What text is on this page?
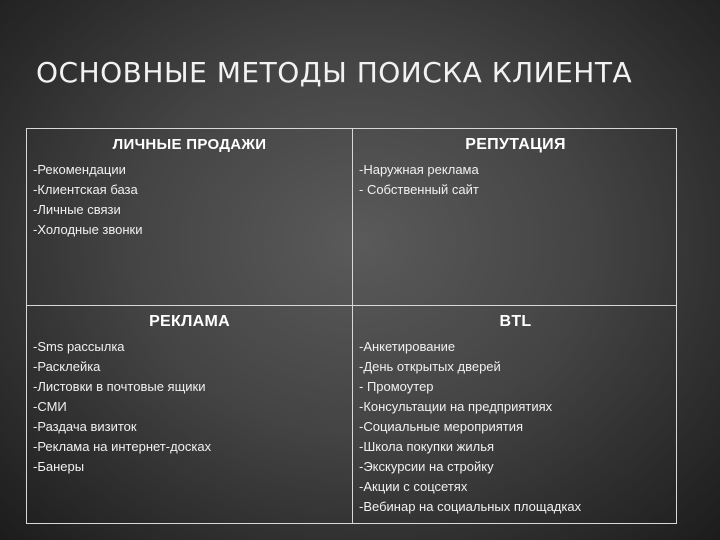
ОСНОВНЫЕ МЕТОДЫ ПОИСКА КЛИЕНТА
ЛИЧНЫЕ ПРОДАЖИ
-Рекомендации
-Клиентская база
-Личные связи
-Холодные звонки
РЕПУТАЦИЯ
-Наружная реклама
- Собственный сайт
РЕКЛАМА
-Sms рассылка
-Расклейка
-Листовки в почтовые ящики
-СМИ
-Раздача визиток
-Реклама на интернет-досках
-Банеры
BTL
-Анкетирование
-День открытых дверей
- Промоутер
-Консультации на предприятиях
-Социальные мероприятия
-Школа покупки жилья
-Экскурсии на стройку
-Акции с соцсетях
-Вебинар на социальных площадках
